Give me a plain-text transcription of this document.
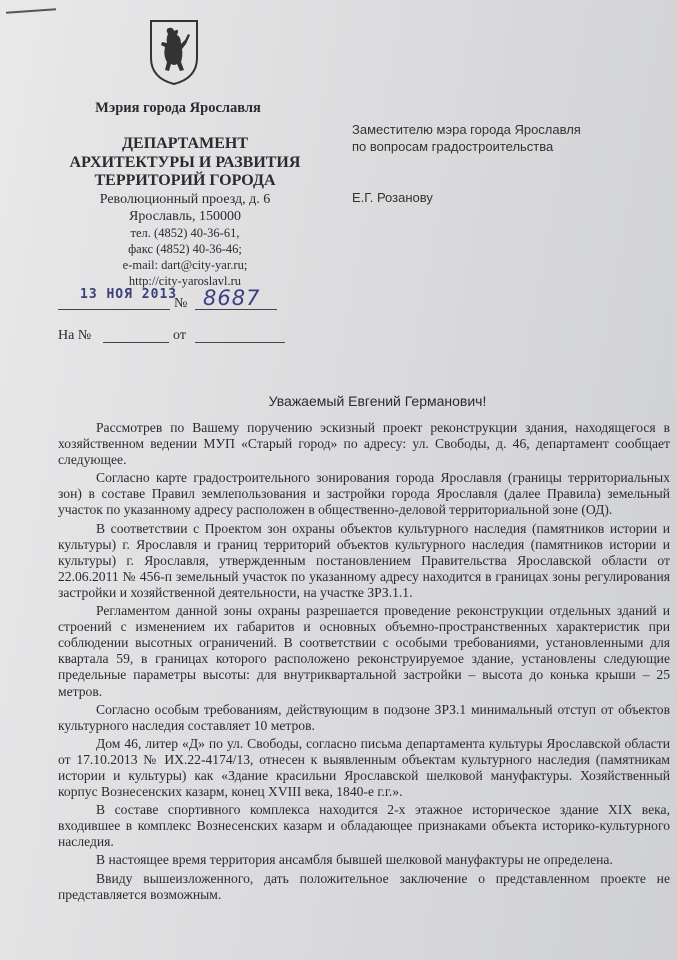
Мэрия города Ярославля
ДЕПАРТАМЕНТ
АРХИТЕКТУРЫ И РАЗВИТИЯ
ТЕРРИТОРИЙ ГОРОДА
Революционный проезд, д. 6
Ярославль, 150000
тел. (4852) 40-36-61,
факс (4852) 40-36-46;
e-mail: dart@city-yar.ru;
http://city-yaroslavl.ru
13 НОЯ 2013
№ 8687
На №	от
Заместителю мэра города Ярославля
по вопросам градостроительства
Е.Г. Розанову
Уважаемый Евгений Германович!

Рассмотрев по Вашему поручению эскизный проект реконструкции здания, находящегося в хозяйственном ведении МУП «Старый город» по адресу: ул. Свободы, д. 46, департамент сообщает следующее.

Согласно карте градостроительного зонирования города Ярославля (границы территориальных зон) в составе Правил землепользования и застройки города Ярославля (далее Правила) земельный участок по указанному адресу расположен в общественно-деловой территориальной зоне (ОД).

В соответствии с Проектом зон охраны объектов культурного наследия (памятников истории и культуры) г. Ярославля и границ территорий объектов культурного наследия (памятников истории и культуры) г. Ярославля, утвержденным постановлением Правительства Ярославской области от 22.06.2011 № 456-п земельный участок по указанному адресу находится в границах зоны регулирования застройки и хозяйственной деятельности, на участке ЗРЗ.1.1.

Регламентом данной зоны охраны разрешается проведение реконструкции отдельных зданий и строений с изменением их габаритов и основных объемно-пространственных характеристик при соблюдении высотных ограничений. В соответствии с особыми требованиями, установленными для квартала 59, в границах которого расположено реконструируемое здание, установлены следующие предельные параметры высоты: для внутриквартальной застройки – высота до конька крыши – 25 метров.

Согласно особым требованиям, действующим в подзоне ЗРЗ.1 минимальный отступ от объектов культурного наследия составляет 10 метров.

Дом 46, литер «Д» по ул. Свободы, согласно письма департамента культуры Ярославской области от 17.10.2013 № ИХ.22-4174/13, отнесен к выявленным объектам культурного наследия (памятникам истории и культуры) как «Здание красильни Ярославской шелковой мануфактуры. Хозяйственный корпус Вознесенских казарм, конец XVIII века, 1840-е г.г.».

В составе спортивного комплекса находится 2-х этажное историческое здание XIX века, входившее в комплекс Вознесенских казарм и обладающее признаками объекта историко-культурного наследия.

В настоящее время территория ансамбля бывшей шелковой мануфактуры не определена.

Ввиду вышеизложенного, дать положительное заключение о представленном проекте не представляется возможным.
